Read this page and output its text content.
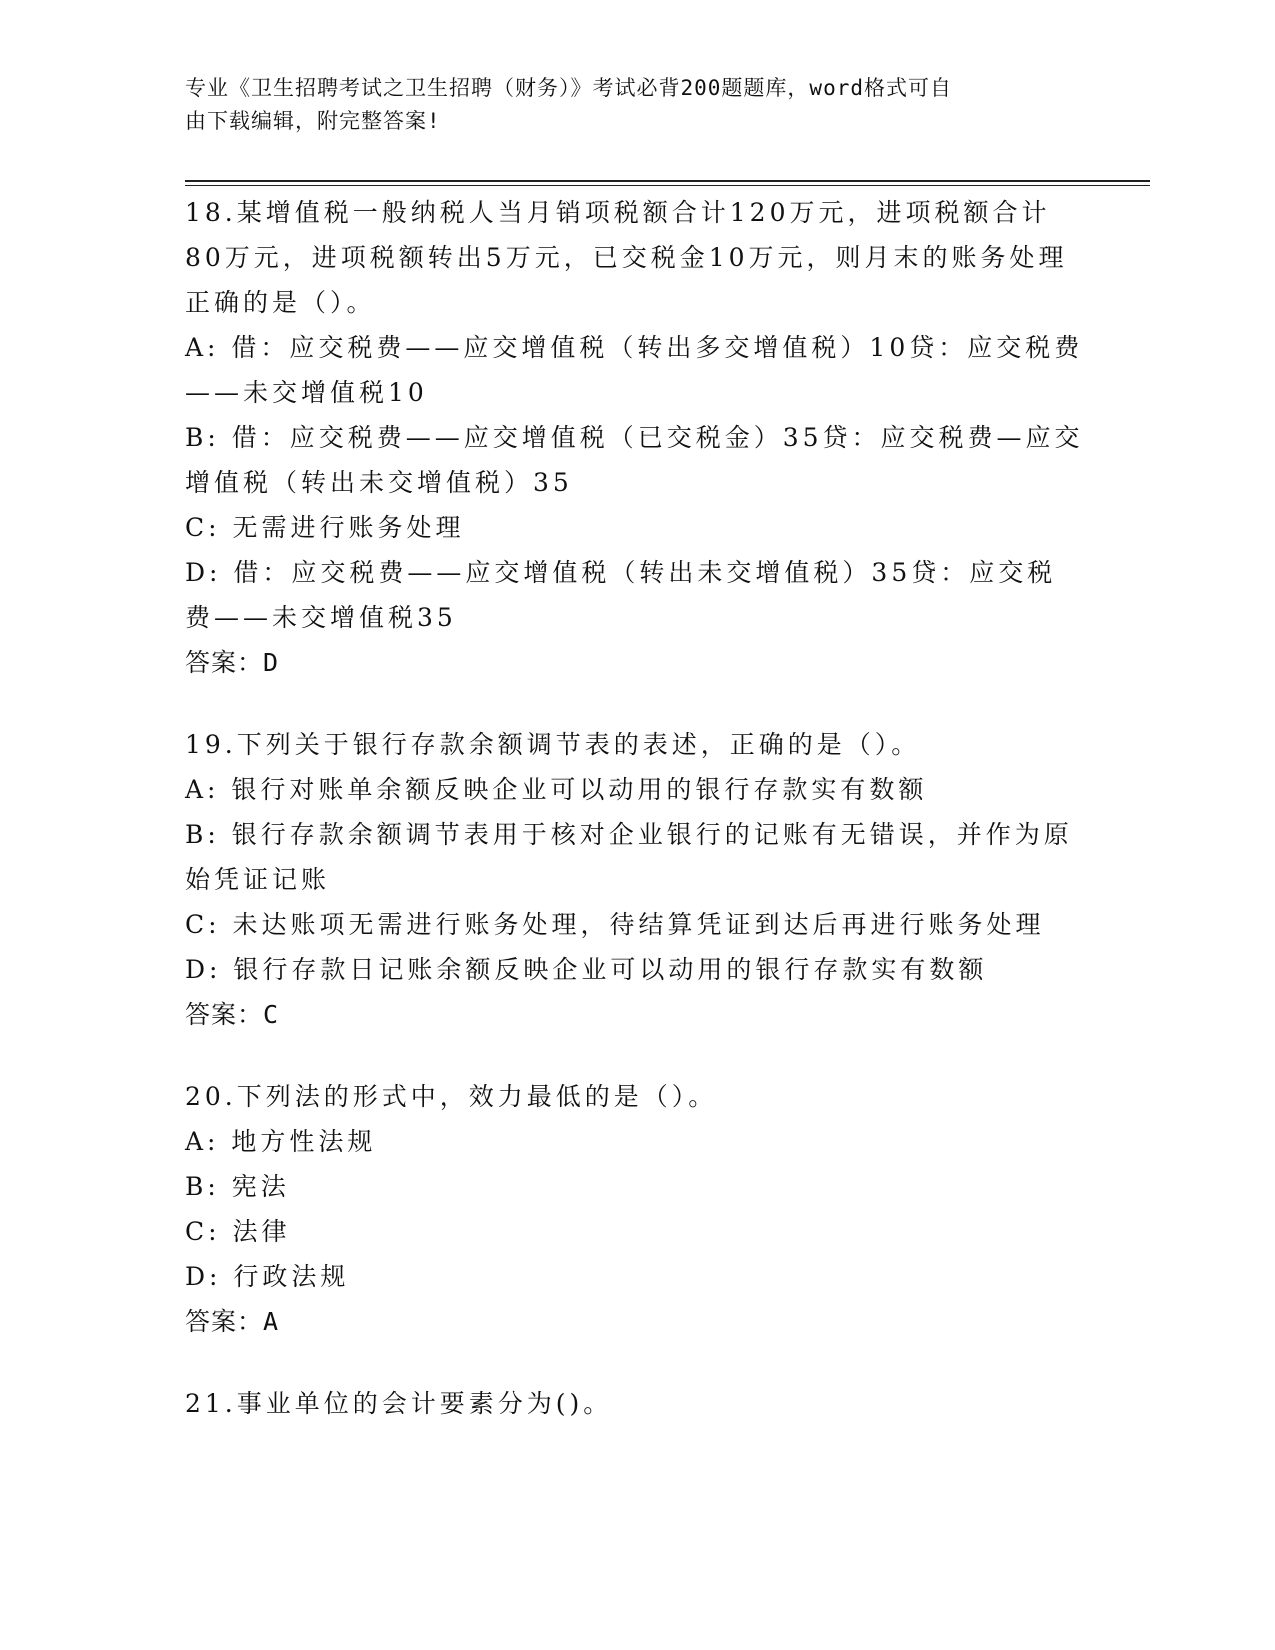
专业《卫生招聘考试之卫生招聘（财务）》考试必背200题题库，word格式可自
由下载编辑，附完整答案!

18.某增值税一般纳税人当月销项税额合计120万元，进项税额合计80万元，进项税额转出5万元，已交税金10万元，则月末的账务处理正确的是（）。

A: 借：应交税费——应交增值税（转出多交增值税）10贷：应交税费——未交增值税10

B: 借：应交税费——应交增值税（已交税金）35贷：应交税费—应交增值税（转出未交增值税）35

C: 无需进行账务处理

D: 借：应交税费——应交增值税（转出未交增值税）35贷：应交税费——未交增值税35

答案：D

19.下列关于银行存款余额调节表的表述，正确的是（）。

A: 银行对账单余额反映企业可以动用的银行存款实有数额

B: 银行存款余额调节表用于核对企业银行的记账有无错误，并作为原始凭证记账

C: 未达账项无需进行账务处理，待结算凭证到达后再进行账务处理

D: 银行存款日记账余额反映企业可以动用的银行存款实有数额

答案：C

20.下列法的形式中，效力最低的是（）。

A: 地方性法规

B: 宪法

C: 法律

D: 行政法规

答案：A

21.事业单位的会计要素分为()。
